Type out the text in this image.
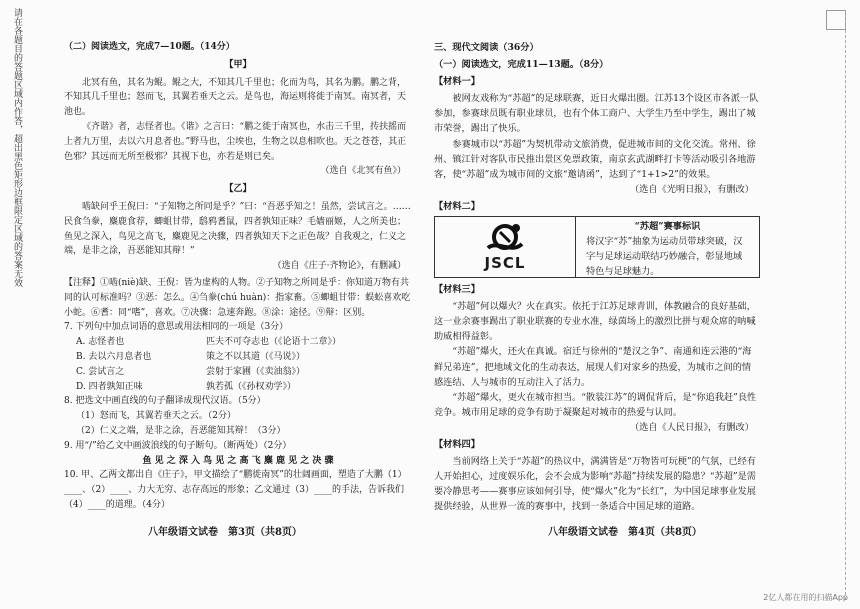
请在各题目的答题区域内作答，超出黑色矩形边框限定区域的答案无效	（二）阅读选文，完成7—10题。（14分）
【甲】

北冥有鱼，其名为鲲。鲲之大，不知其几千里也；化而为鸟，其名为鹏。鹏之背，不知其几千里也；怒而飞，其翼若垂天之云。是鸟也，海运则将徙于南冥。南冥者，天池也。

《齐谐》者，志怪者也。《谐》之言曰：“鹏之徙于南冥也，水击三千里，抟扶摇而上者九万里，去以六月息者也。”野马也，尘埃也，生物之以息相吹也。天之苍苍，其正色邪？其远而无所至极邪？其视下也，亦若是则已矣。

（选自《北冥有鱼》）
【乙】

啮缺问乎王倪曰：“子知物之所同是乎？”曰：“吾恶乎知之！虽然，尝试言之。……民食刍豢，麋鹿食荐，蝍蛆甘带，鸱鸦耆鼠，四者孰知正味？毛嫱丽姬，人之所美也；鱼见之深入，鸟见之高飞，麋鹿见之决骤，四者孰知天下之正色哉？自我观之，仁义之端，是非之涂，吾恶能知其辩！”

（选自《庄子·齐物论》，有删减）

【注释】①啮(niè)缺、王倪：皆为虚构的人物。②子知物之所同是乎：你知道万物有共同的认可标准吗？③恶：怎么。④刍豢(chú huàn)：指家畜。⑤蝍蛆甘带：蜈蚣喜欢吃小蛇。⑥耆：同“嗜”，喜欢。⑦决骤：急速奔跑。⑧涂：途径。⑨辩：区别。

7. 下列句中加点词语的意思或用法相同的一项是（3分）

A. 志怪者也	匹夫不可夺志也（《论语十二章》）
B. 去以六月息者也	策之不以其道（《马说》）
C. 尝试言之	尝射于家圃（《卖油翁》）
D. 四者孰知正味	孰若孤（《孙权劝学》）

8. 把选文中画直线的句子翻译成现代汉语。（5分）

（1）怒而飞，其翼若垂天之云。（2分）

（2）仁义之端，是非之涂，吾恶能知其辩！（3分）

9. 用“/”给乙文中画波浪线的句子断句。（断两处）（2分）

鱼 见 之 深 入 鸟 见 之 高 飞 麋 鹿 见 之 决 骤

10. 甲、乙两文都出自《庄子》，甲文描绘了“鹏徙南冥”的壮阔画面，塑造了大鹏（1）____、（2）____、力大无穷、志存高远的形象；乙文通过（3）____的手法，告诉我们（4）____的道理。（4分）

八年级语文试卷　第3页（共8页）
三、现代文阅读（36分）
（一）阅读选文，完成11—13题。（8分）
【材料一】

被网友戏称为“苏超”的足球联赛，近日火爆出圈。江苏13个设区市各派一队参加，参赛球员既有职业球员，也有个体工商户、大学生乃至中学生，踢出了城市荣誉，踢出了快乐。

参赛城市以“苏超”为契机带动文旅消费，促进城市间的文化交流。常州、徐州、镇江针对客队市民推出景区免票政策，南京玄武湖畔打卡等活动吸引各地游客，使“苏超”成为城市间的文旅“邀请函”，达到了“1+1>2”的效果。

（选自《光明日报》，有删改）
【材料二】
JSCL
“苏超”赛事标识
将汉字“苏”抽象为运动员带球突破，汉字与足球运动联结巧妙融合，彰显地域特色与足球魅力。
【材料三】

“苏超”何以爆火？火在真实。依托于江苏足球青训，体教融合的良好基础，这一业余赛事踢出了职业联赛的专业水准，绿茵场上的激烈比拼与观众席的呐喊助威相得益彰。

“苏超”爆火，还火在真诚。宿迁与徐州的“楚汉之争”、南通和连云港的“海鲜兄弟连”，把地域文化的生动表达，展现人们对家乡的热爱，为城市之间的情感连结、人与城市的互动注入了活力。

“苏超”爆火，更火在城市担当。“散装江苏”的调侃背后，是“你追我赶”良性竞争。城市用足球的竞争有助于凝聚起对城市的热爱与认同。

（选自《人民日报》，有删改）
【材料四】

当前网络上关于“苏超”的热议中，满满皆是“万物皆可玩梗”的气氛，已经有人开始担心，过度娱乐化，会不会成为影响“苏超”持续发展的隐患？“苏超”是需要冷静思考——赛事应该如何引导，使“爆火”化为“长红”，为中国足球事业发展提供经验，从世界一流的赛事中，找到一条适合中国足球的道路。

八年级语文试卷　第4页（共8页）
2亿人都在用的扫描App
